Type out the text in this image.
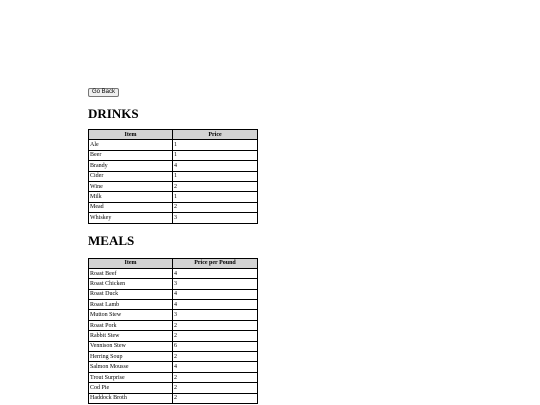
Go Back
DRINKS
Item	Price
Ale	1
Beer	1
Brandy	4
Cider	1
Wine	2
Milk	1
Mead	2
Whiskey	3
MEALS
Item	Price per Pound
Roast Beef	4
Roast Chicken	3
Roast Duck	4
Roast Lamb	4
Mutton Stew	3
Roast Pork	2
Rabbit Stew	2
Vennison Stew	6
Herring Soup	2
Salmon Mousse	4
Trout Surprise	2
Cod Pie	2
Haddock Broth	2
